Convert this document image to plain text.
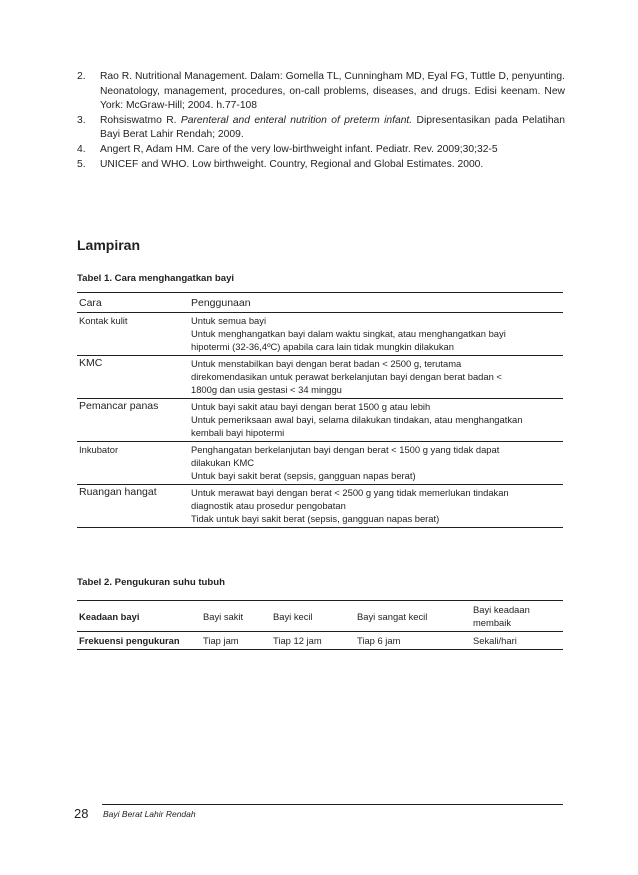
2.	Rao R. Nutritional Management. Dalam: Gomella TL, Cunningham MD, Eyal FG, Tuttle D, penyunting. Neonatology, management, procedures, on-call problems, diseases, and drugs. Edisi keenam. New York: McGraw-Hill; 2004. h.77-108
3.	Rohsiswatmo R. Parenteral and enteral nutrition of preterm infant. Dipresentasikan pada Pelatihan Bayi Berat Lahir Rendah; 2009.
4.	Angert R, Adam HM. Care of the very low-birthweight infant. Pediatr. Rev. 2009;30;32-5
5.	UNICEF and WHO. Low birthweight. Country, Regional and Global Estimates. 2000.
Lampiran
Tabel 1. Cara menghangatkan bayi
Cara	Penggunaan
Kontak kulit	Untuk semua bayi
Untuk menghangatkan bayi dalam waktu singkat, atau menghangatkan bayi
hipotermi (32-36,4ºC) apabila cara lain tidak mungkin dilakukan

KMC	Untuk menstabilkan bayi dengan berat badan < 2500 g, terutama
direkomendasikan untuk perawat berkelanjutan bayi dengan berat badan <
1800g dan usia gestasi < 34 minggu

Pemancar panas	Untuk bayi sakit atau bayi dengan berat 1500 g atau lebih
Untuk pemeriksaan awal bayi, selama dilakukan tindakan, atau menghangatkan
kembali bayi hipotermi

Inkubator	Penghangatan berkelanjutan bayi dengan berat < 1500 g yang tidak dapat
dilakukan KMC
Untuk bayi sakit berat (sepsis, gangguan napas berat)

Ruangan hangat	Untuk merawat bayi dengan berat < 2500 g yang tidak memerlukan tindakan
diagnostik atau prosedur pengobatan
Tidak untuk bayi sakit berat (sepsis, gangguan napas berat)
Tabel 2. Pengukuran suhu tubuh
Keadaan bayi	Bayi sakit	Bayi kecil	Bayi sangat kecil	Bayi keadaan membaik
Frekuensi pengukuran	Tiap jam	Tiap 12 jam	Tiap 6 jam	Sekali/hari
28 Bayi Berat Lahir Rendah
